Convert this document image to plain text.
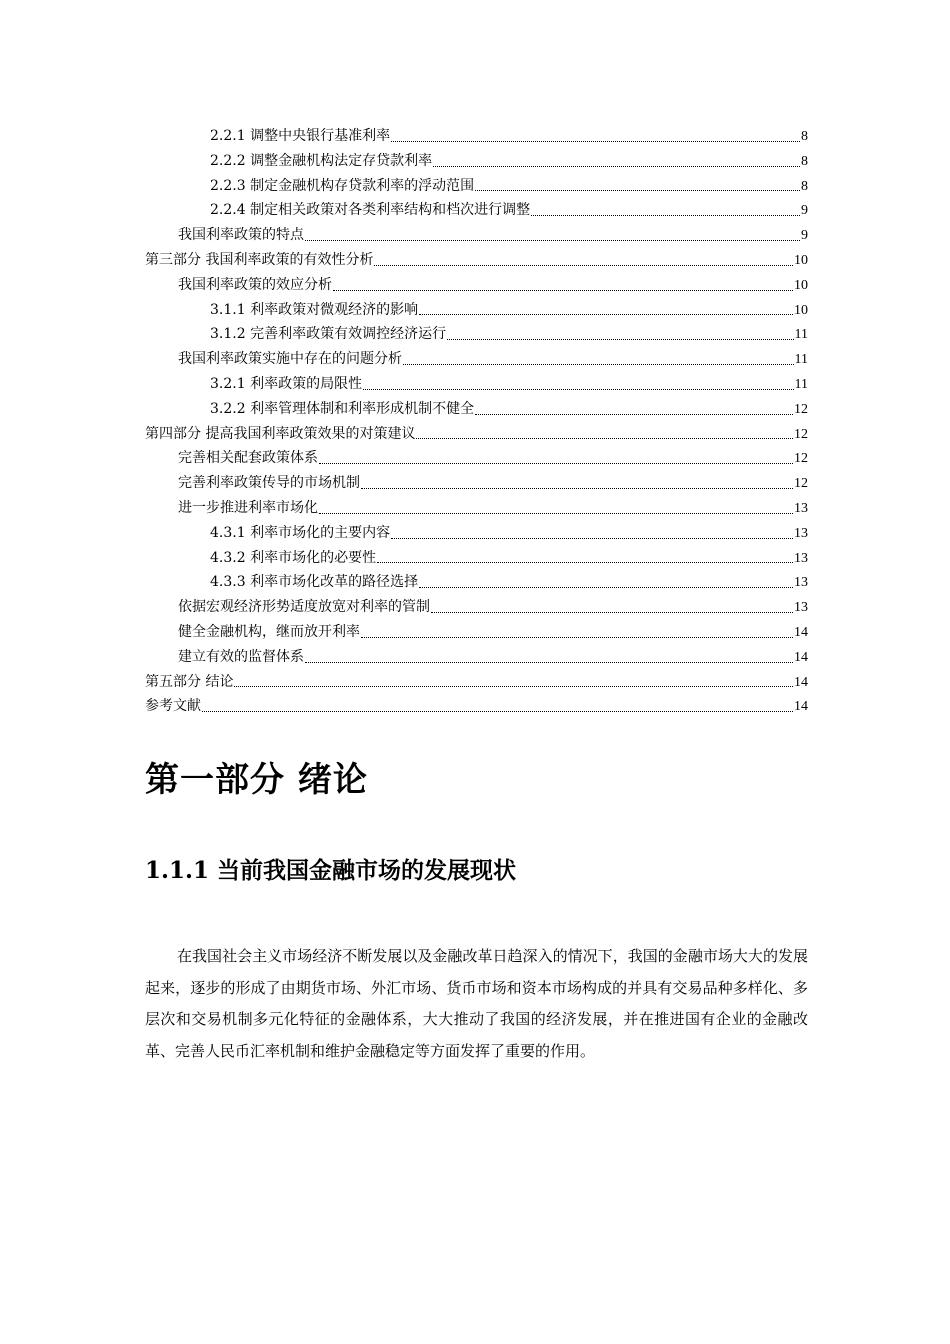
2.2.1 调整中央银行基准利率	8
2.2.2 调整金融机构法定存贷款利率	8
2.2.3 制定金融机构存贷款利率的浮动范围	8
2.2.4 制定相关政策对各类利率结构和档次进行调整	9
我国利率政策的特点	9
第三部分 我国利率政策的有效性分析	10
我国利率政策的效应分析	10
3.1.1 利率政策对微观经济的影响	10
3.1.2 完善利率政策有效调控经济运行	11
我国利率政策实施中存在的问题分析	11
3.2.1 利率政策的局限性	11
3.2.2 利率管理体制和利率形成机制不健全	12
第四部分 提高我国利率政策效果的对策建议	12
完善相关配套政策体系	12
完善利率政策传导的市场机制	12
进一步推进利率市场化	13
4.3.1 利率市场化的主要内容	13
4.3.2 利率市场化的必要性	13
4.3.3 利率市场化改革的路径选择	13
依据宏观经济形势适度放宽对利率的管制	13
健全金融机构，继而放开利率	14
建立有效的监督体系	14
第五部分 结论	14
参考文献	14
第一部分 绪论
1.1.1 当前我国金融市场的发展现状

在我国社会主义市场经济不断发展以及金融改革日趋深入的情况下，我国的金融市场大大的发展起来，逐步的形成了由期货市场、外汇市场、货币市场和资本市场构成的并具有交易品种多样化、多层次和交易机制多元化特征的金融体系，大大推动了我国的经济发展，并在推进国有企业的金融改革、完善人民币汇率机制和维护金融稳定等方面发挥了重要的作用。
